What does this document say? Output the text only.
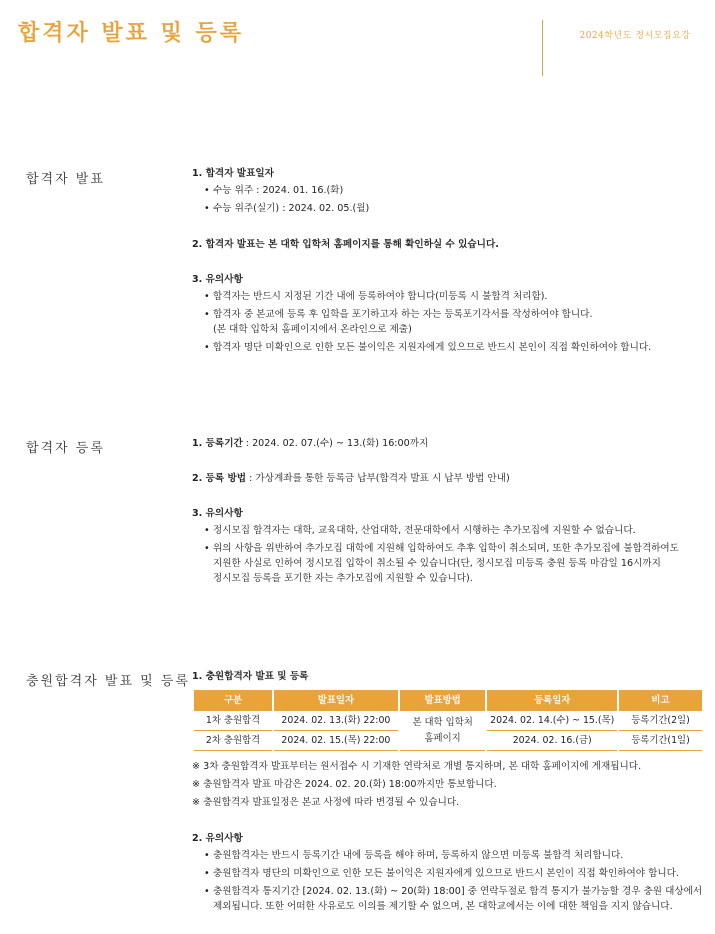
합격자 발표 및 등록	2024학년도 정시모집요강
합격자 발표	1. 합격자 발표일자
• 수능 위주 : 2024. 01. 16.(화)
• 수능 위주(실기) : 2024. 02. 05.(월)
2. 합격자 발표는 본 대학 입학처 홈페이지를 통해 확인하실 수 있습니다.
3. 유의사항
• 합격자는 반드시 지정된 기간 내에 등록하여야 합니다(미등록 시 불합격 처리함).
• 합격자 중 본교에 등록 후 입학을 포기하고자 하는 자는 등록포기각서를 작성하여야 합니다.
(본 대학 입학처 홈페이지에서 온라인으로 제출)
• 합격자 명단 미확인으로 인한 모든 불이익은 지원자에게 있으므로 반드시 본인이 직접 확인하여야 합니다.
합격자 등록	1. 등록기간 : 2024. 02. 07.(수) ~ 13.(화) 16:00까지
2. 등록 방법 : 가상계좌를 통한 등록금 납부(합격자 발표 시 납부 방법 안내)
3. 유의사항
• 정시모집 합격자는 대학, 교육대학, 산업대학, 전문대학에서 시행하는 추가모집에 지원할 수 없습니다.
• 위의 사항을 위반하여 추가모집 대학에 지원해 입학하여도 추후 입학이 취소되며, 또한 추가모집에 불합격하여도
지원한 사실로 인하여 정시모집 입학이 취소될 수 있습니다(단, 정시모집 미등록 충원 등록 마감일 16시까지
정시모집 등록을 포기한 자는 추가모집에 지원할 수 있습니다).
충원합격자 발표 및 등록 1. 충원합격자 발표 및 등록
구분	발표일자	발표방법	등록일자	비고
1차 충원합격	2024. 02. 13.(화) 22:00	본 대학 입학처
홈페이지	2024. 02. 14.(수) ~ 15.(목)	등록기간(2일)
2차 충원합격	2024. 02. 15.(목) 22:00		2024. 02. 16.(금)	등록기간(1일)
※ 3차 충원합격자 발표부터는 원서접수 시 기재한 연락처로 개별 통지하며, 본 대학 홈페이지에 게재됩니다.
※ 충원합격자 발표 마감은 2024. 02. 20.(화) 18:00까지만 통보합니다.
※ 충원합격자 발표일정은 본교 사정에 따라 변경될 수 있습니다.
2. 유의사항
• 충원합격자는 반드시 등록기간 내에 등록을 해야 하며, 등록하지 않으면 미등록 불합격 처리합니다.
• 충원합격자 명단의 미확인으로 인한 모든 불이익은 지원자에게 있으므로 반드시 본인이 직접 확인하여야 합니다.
• 충원합격자 통지기간 [2024. 02. 13.(화) ~ 20(화) 18:00] 중 연락두절로 합격 통지가 불가능할 경우 충원 대상에서
제외됩니다. 또한 어떠한 사유로도 이의를 제기할 수 없으며, 본 대학교에서는 이에 대한 책임을 지지 않습니다.
